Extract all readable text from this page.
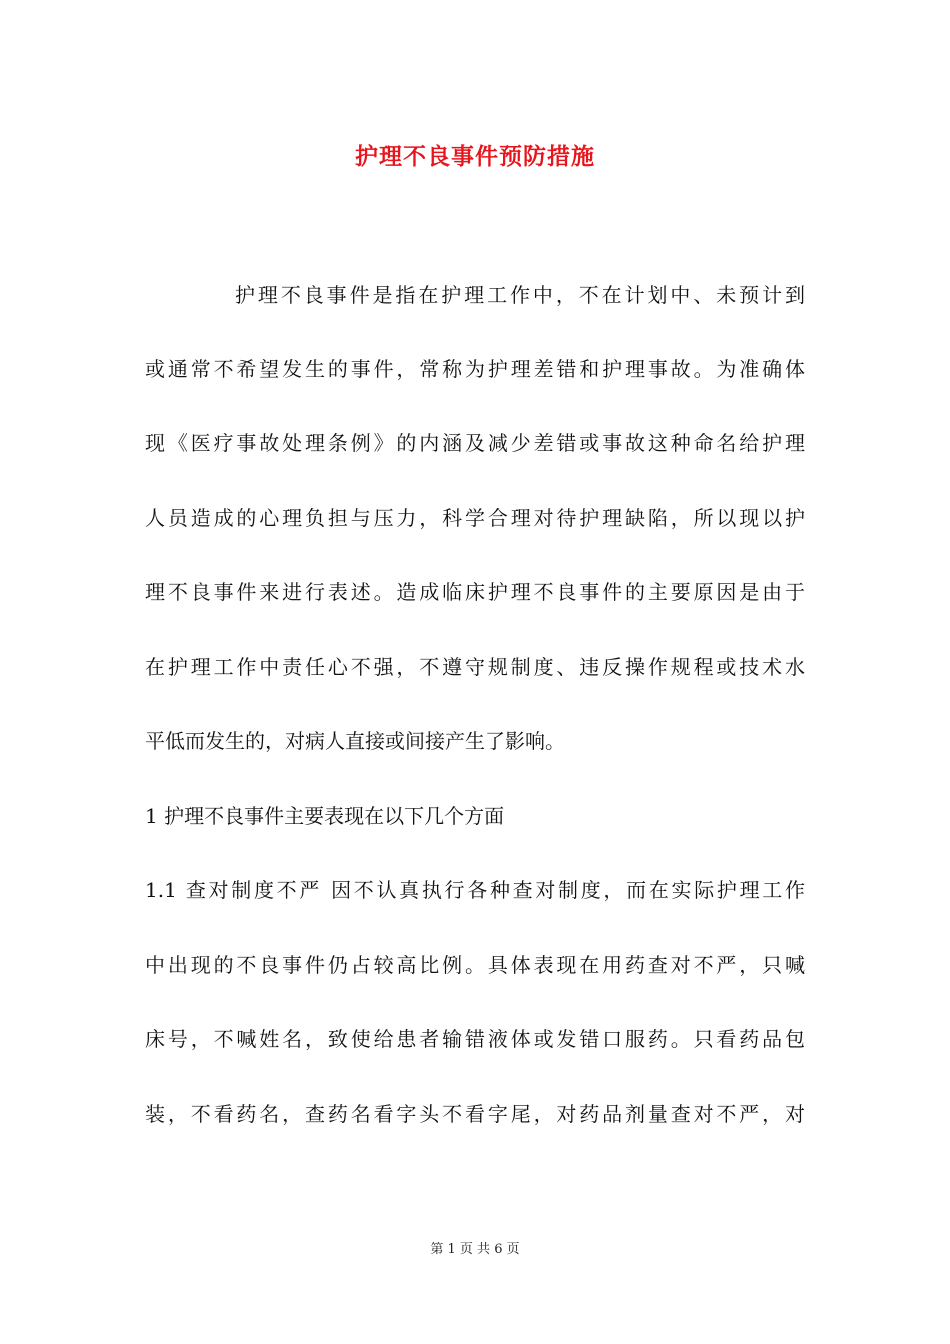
护理不良事件预防措施
护理不良事件是指在护理工作中，不在计划中、未预计到
或通常不希望发生的事件，常称为护理差错和护理事故。为准确体
现《医疗事故处理条例》的内涵及减少差错或事故这种命名给护理
人员造成的心理负担与压力，科学合理对待护理缺陷，所以现以护
理不良事件来进行表述。造成临床护理不良事件的主要原因是由于
在护理工作中责任心不强，不遵守规制度、违反操作规程或技术水
平低而发生的，对病人直接或间接产生了影响。
1 护理不良事件主要表现在以下几个方面
1.1 查对制度不严 因不认真执行各种查对制度，而在实际护理工作
中出现的不良事件仍占较高比例。具体表现在用药查对不严，只喊
床号，不喊姓名，致使给患者输错液体或发错口服药。只看药品包
装，不看药名，查药名看字头不看字尾，对药品剂量查对不严，对
第 1 页 共 6 页
